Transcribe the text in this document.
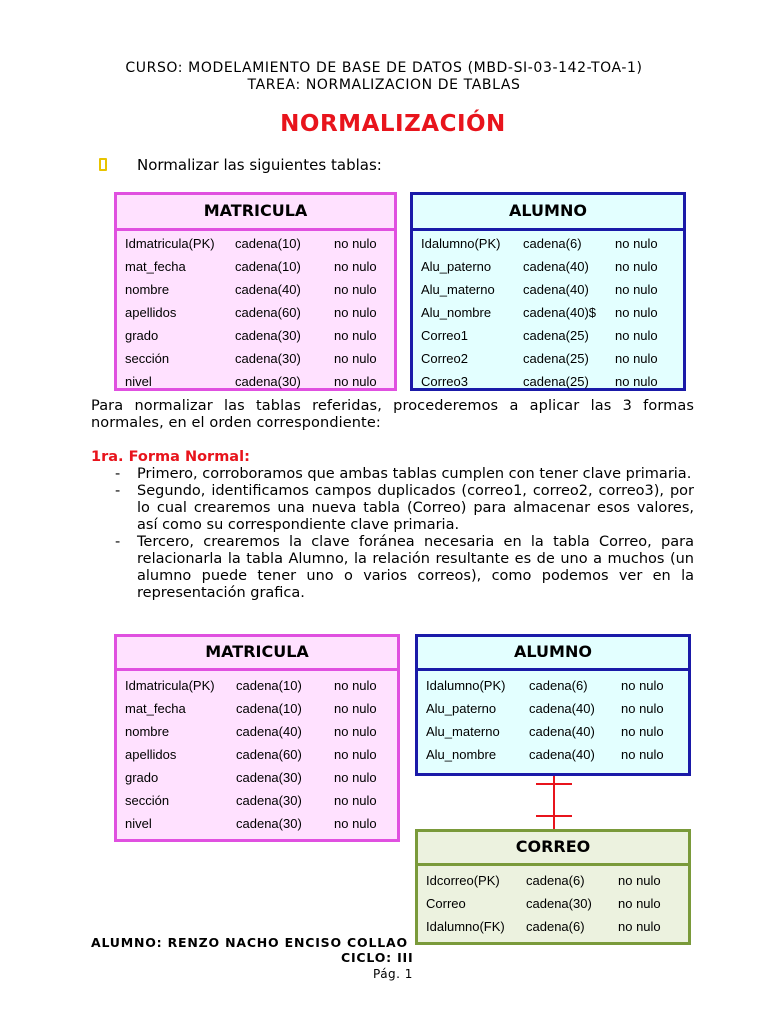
CURSO: MODELAMIENTO DE BASE DE DATOS (MBD-SI-03-142-TOA-1)
TAREA: NORMALIZACION DE TABLAS
NORMALIZACIÓN
Normalizar las siguientes tablas:
MATRICULA
Idmatricula(PK) cadena(10)	no nulo
mat_fecha	cadena(10)	no nulo
nombre	cadena(40)	no nulo
apellidos	cadena(60)	no nulo
grado	cadena(30)	no nulo
sección	cadena(30)	no nulo
nivel	cadena(30)	no nulo
ALUMNO
Idalumno(PK) cadena(6)	no nulo
Alu_paterno cadena(40) no nulo
Alu_materno cadena(40) no nulo
Alu_nombre cadena(40)$ no nulo
Correo1	cadena(25) no nulo
Correo2	cadena(25) no nulo
Correo3	cadena(25) no nulo
Para normalizar las tablas referidas, procederemos a aplicar las 3 formas normales, en el orden correspondiente:
1ra. Forma Normal:
- Primero, corroboramos que ambas tablas cumplen con tener clave primaria.
- Segundo, identificamos campos duplicados (correo1, correo2, correo3), por lo cual crearemos una nueva tabla (Correo) para almacenar esos valores, así como su correspondiente clave primaria.
- Tercero, crearemos la clave foránea necesaria en la tabla Correo, para relacionarla la tabla Alumno, la relación resultante es de uno a muchos (un alumno puede tener uno o varios correos), como podemos ver en la representación grafica.
MATRICULA
Idmatricula(PK) cadena(10) no nulo
mat_fecha	cadena(10) no nulo
nombre	cadena(40) no nulo
apellidos	cadena(60) no nulo
grado	cadena(30) no nulo
sección	cadena(30) no nulo
nivel	cadena(30) no nulo
ALUMNO
Idalumno(PK) cadena(6)	no nulo
Alu_paterno	cadena(40) no nulo
Alu_materno cadena(40) no nulo
Alu_nombre	cadena(40) no nulo
CORREO
Idcorreo(PK) cadena(6)	no nulo
Correo	cadena(30) no nulo
Idalumno(FK) cadena(6)	no nulo
ALUMNO: RENZO NACHO ENCISO COLLAO
CICLO: III
Pág. 1
